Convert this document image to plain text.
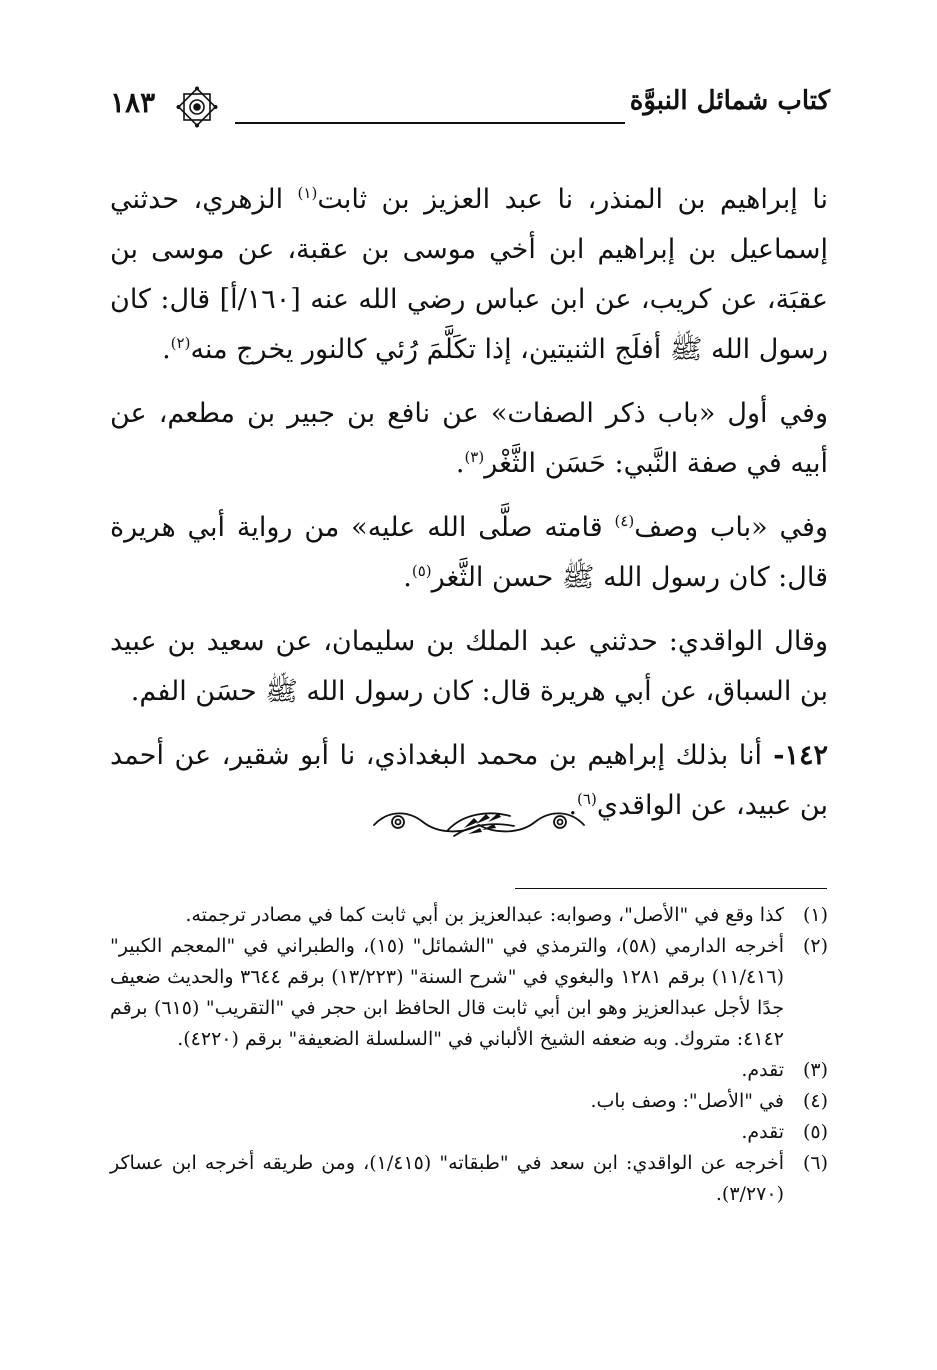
كتاب شمائل النبوَّة
١٨٣

نا إبراهيم بن المنذر، نا عبد العزيز بن ثابت$^{(١)}$ الزهري، حدثني إسماعيل بن إبراهيم ابن أخي موسى بن عقبة، عن موسى بن عقبَة، عن كريب، عن ابن عباس رضي الله عنه [١٦٠/أ] قال: كان رسول الله ﷺ أفلَج الثنيتين، إذا تكَلَّمَ رُئي كالنور يخرج منه$^{(٢)}$.

وفي أول «باب ذكر الصفات» عن نافع بن جبير بن مطعم، عن أبيه في صفة النَّبي: حَسَن الثَّغْر$^{(٣)}$.

وفي «باب وصف$^{(٤)}$ قامته صلَّى الله عليه» من رواية أبي هريرة قال: كان رسول الله ﷺ حسن الثَّغر$^{(٥)}$.

وقال الواقدي: حدثني عبد الملك بن سليمان، عن سعيد بن عبيد بن السباق، عن أبي هريرة قال: كان رسول الله ﷺ حسَن الفم.

١٤٢- أنا بذلك إبراهيم بن محمد البغداذي، نا أبو شقير، عن أحمد بن عبيد، عن الواقدي$^{(٦)}$.

(١)
كذا وقع في "الأصل"، وصوابه: عبدالعزيز بن أبي ثابت كما في مصادر ترجمته.
(٢)
أخرجه الدارمي (٥٨)، والترمذي في "الشمائل" (١٥)، والطبراني في "المعجم الكبير" (١١/٤١٦) برقم ١٢٨١ والبغوي في "شرح السنة" (١٣/٢٢٣) برقم ٣٦٤٤ والحديث ضعيف جدًا لأجل عبدالعزيز وهو ابن أبي ثابت قال الحافظ ابن حجر في "التقريب" (٦١٥) برقم ٤١٤٢: متروك. وبه ضعفه الشيخ الألباني في "السلسلة الضعيفة" برقم (٤٢٢٠).
(٣)
تقدم.
(٤)
في "الأصل": وصف باب.
(٥)
تقدم.
(٦)
أخرجه عن الواقدي: ابن سعد في "طبقاته" (١/٤١٥)، ومن طريقه أخرجه ابن عساكر (٣/٢٧٠).
